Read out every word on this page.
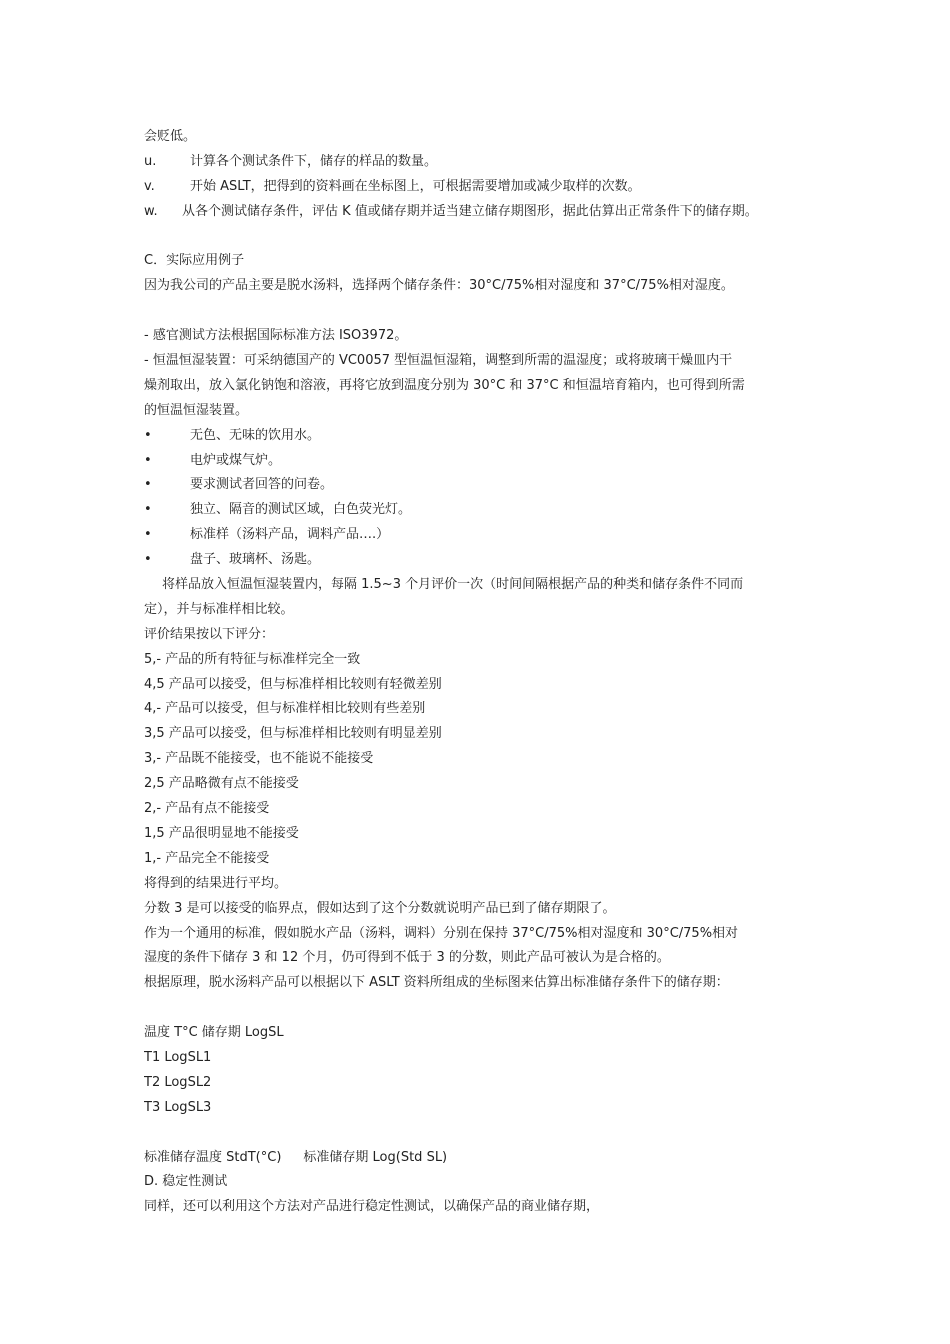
会贬低。
u.	计算各个测试条件下，储存的样品的数量。
v.	开始 ASLT，把得到的资料画在坐标图上，可根据需要增加或减少取样的次数。
w. 从各个测试储存条件，评估 K 值或储存期并适当建立储存期图形，据此估算出正常条件下的储存期。
C．实际应用例子
因为我公司的产品主要是脱水汤料，选择两个储存条件：30°C/75%相对湿度和 37°C/75%相对湿度。
- 感官测试方法根据国际标准方法 ISO3972。
- 恒温恒湿装置：可采纳德国产的 VC0057 型恒温恒湿箱，调整到所需的温湿度；或将玻璃干燥皿内干
燥剂取出，放入氯化钠饱和溶液，再将它放到温度分别为 30°C 和 37°C 和恒温培育箱内，也可得到所需
的恒温恒湿装置。
•	无色、无味的饮用水。
•	电炉或煤气炉。
•	要求测试者回答的问卷。
•	独立、隔音的测试区域，白色荧光灯。
•	标准样（汤料产品，调料产品….）
•	盘子、玻璃杯、汤匙。
将样品放入恒温恒湿装置内，每隔 1.5~3 个月评价一次（时间间隔根据产品的种类和储存条件不同而
定），并与标准样相比较。
评价结果按以下评分：
5,- 产品的所有特征与标准样完全一致
4,5 产品可以接受，但与标准样相比较则有轻微差别
4,- 产品可以接受，但与标准样相比较则有些差别
3,5 产品可以接受，但与标准样相比较则有明显差别
3,- 产品既不能接受，也不能说不能接受
2,5 产品略微有点不能接受
2,- 产品有点不能接受
1,5 产品很明显地不能接受
1,- 产品完全不能接受
将得到的结果进行平均。
分数 3 是可以接受的临界点，假如达到了这个分数就说明产品已到了储存期限了。
作为一个通用的标准，假如脱水产品（汤料，调料）分别在保持 37°C/75%相对湿度和 30°C/75%相对
湿度的条件下储存 3 和 12 个月，仍可得到不低于 3 的分数，则此产品可被认为是合格的。
根据原理，脱水汤料产品可以根据以下 ASLT 资料所组成的坐标图来估算出标准储存条件下的储存期：
温度 T°C 储存期 LogSL
T1 LogSL1
T2 LogSL2
T3 LogSL3
标准储存温度 StdT(°C) 标准储存期 Log(Std SL)
D. 稳定性测试
同样，还可以利用这个方法对产品进行稳定性测试，以确保产品的商业储存期，
